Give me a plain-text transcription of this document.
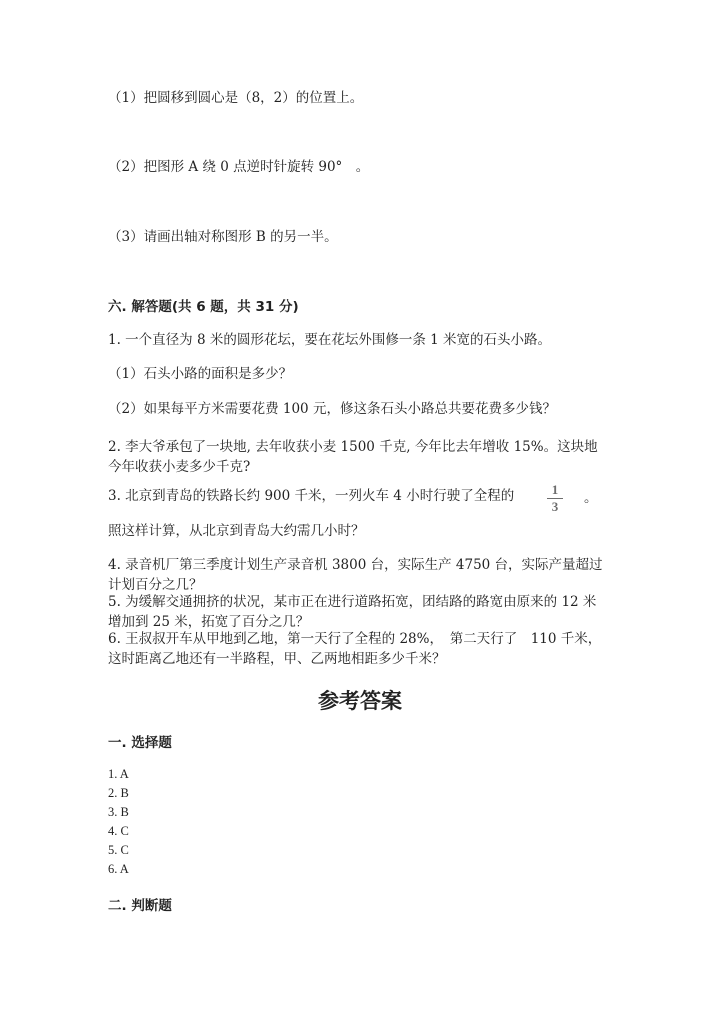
（1）把圆移到圆心是（8，2）的位置上。
（2）把图形 A 绕 0 点逆时针旋转 90°　。
（3）请画出轴对称图形 B 的另一半。
六. 解答题(共 6 题，共 31 分)
1. 一个直径为 8 米的圆形花坛，要在花坛外围修一条 1 米宽的石头小路。
（1）石头小路的面积是多少？
（2）如果每平方米需要花费 100 元，修这条石头小路总共要花费多少钱？
2. 李大爷承包了一块地, 去年收获小麦 1500 千克, 今年比去年增收 15%。这块地今年收获小麦多少千克?
3. 北京到青岛的铁路长约 900 千米，一列火车 4 小时行驶了全程的	1
3
。
照这样计算，从北京到青岛大约需几小时？
4. 录音机厂第三季度计划生产录音机 3800 台，实际生产 4750 台，实际产量超过计划百分之几？
5. 为缓解交通拥挤的状况，某市正在进行道路拓宽，团结路的路宽由原来的 12 米增加到 25 米，拓宽了百分之几？
6. 王叔叔开车从甲地到乙地，第一天行了全程的 28%，　第二天行了　110 千米，这时距离乙地还有一半路程，甲、乙两地相距多少千米？
参考答案
一. 选择题
1. A
2. B
3. B
4. C
5. C
6. A
二. 判断题
